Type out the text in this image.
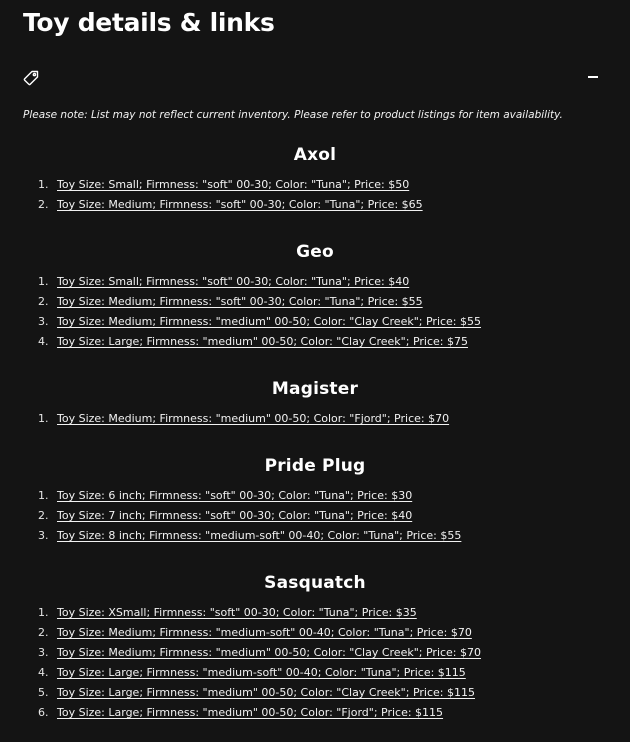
Toy details & links

Please note: List may not reflect current inventory. Please refer to product listings for item availability.

Axol
1. Toy Size: Small; Firmness: "soft" 00-30; Color: "Tuna"; Price: $50
2. Toy Size: Medium; Firmness: "soft" 00-30; Color: "Tuna"; Price: $65
Geo
1. Toy Size: Small; Firmness: "soft" 00-30; Color: "Tuna"; Price: $40
2. Toy Size: Medium; Firmness: "soft" 00-30; Color: "Tuna"; Price: $55
3. Toy Size: Medium; Firmness: "medium" 00-50; Color: "Clay Creek"; Price: $55
4. Toy Size: Large; Firmness: "medium" 00-50; Color: "Clay Creek"; Price: $75
Magister
1. Toy Size: Medium; Firmness: "medium" 00-50; Color: "Fjord"; Price: $70
Pride Plug
1. Toy Size: 6 inch; Firmness: "soft" 00-30; Color: "Tuna"; Price: $30
2. Toy Size: 7 inch; Firmness: "soft" 00-30; Color: "Tuna"; Price: $40
3. Toy Size: 8 inch; Firmness: "medium-soft" 00-40; Color: "Tuna"; Price: $55
Sasquatch
1. Toy Size: XSmall; Firmness: "soft" 00-30; Color: "Tuna"; Price: $35
2. Toy Size: Medium; Firmness: "medium-soft" 00-40; Color: "Tuna"; Price: $70
3. Toy Size: Medium; Firmness: "medium" 00-50; Color: "Clay Creek"; Price: $70
4. Toy Size: Large; Firmness: "medium-soft" 00-40; Color: "Tuna"; Price: $115
5. Toy Size: Large; Firmness: "medium" 00-50; Color: "Clay Creek"; Price: $115
6. Toy Size: Large; Firmness: "medium" 00-50; Color: "Fjord"; Price: $115
